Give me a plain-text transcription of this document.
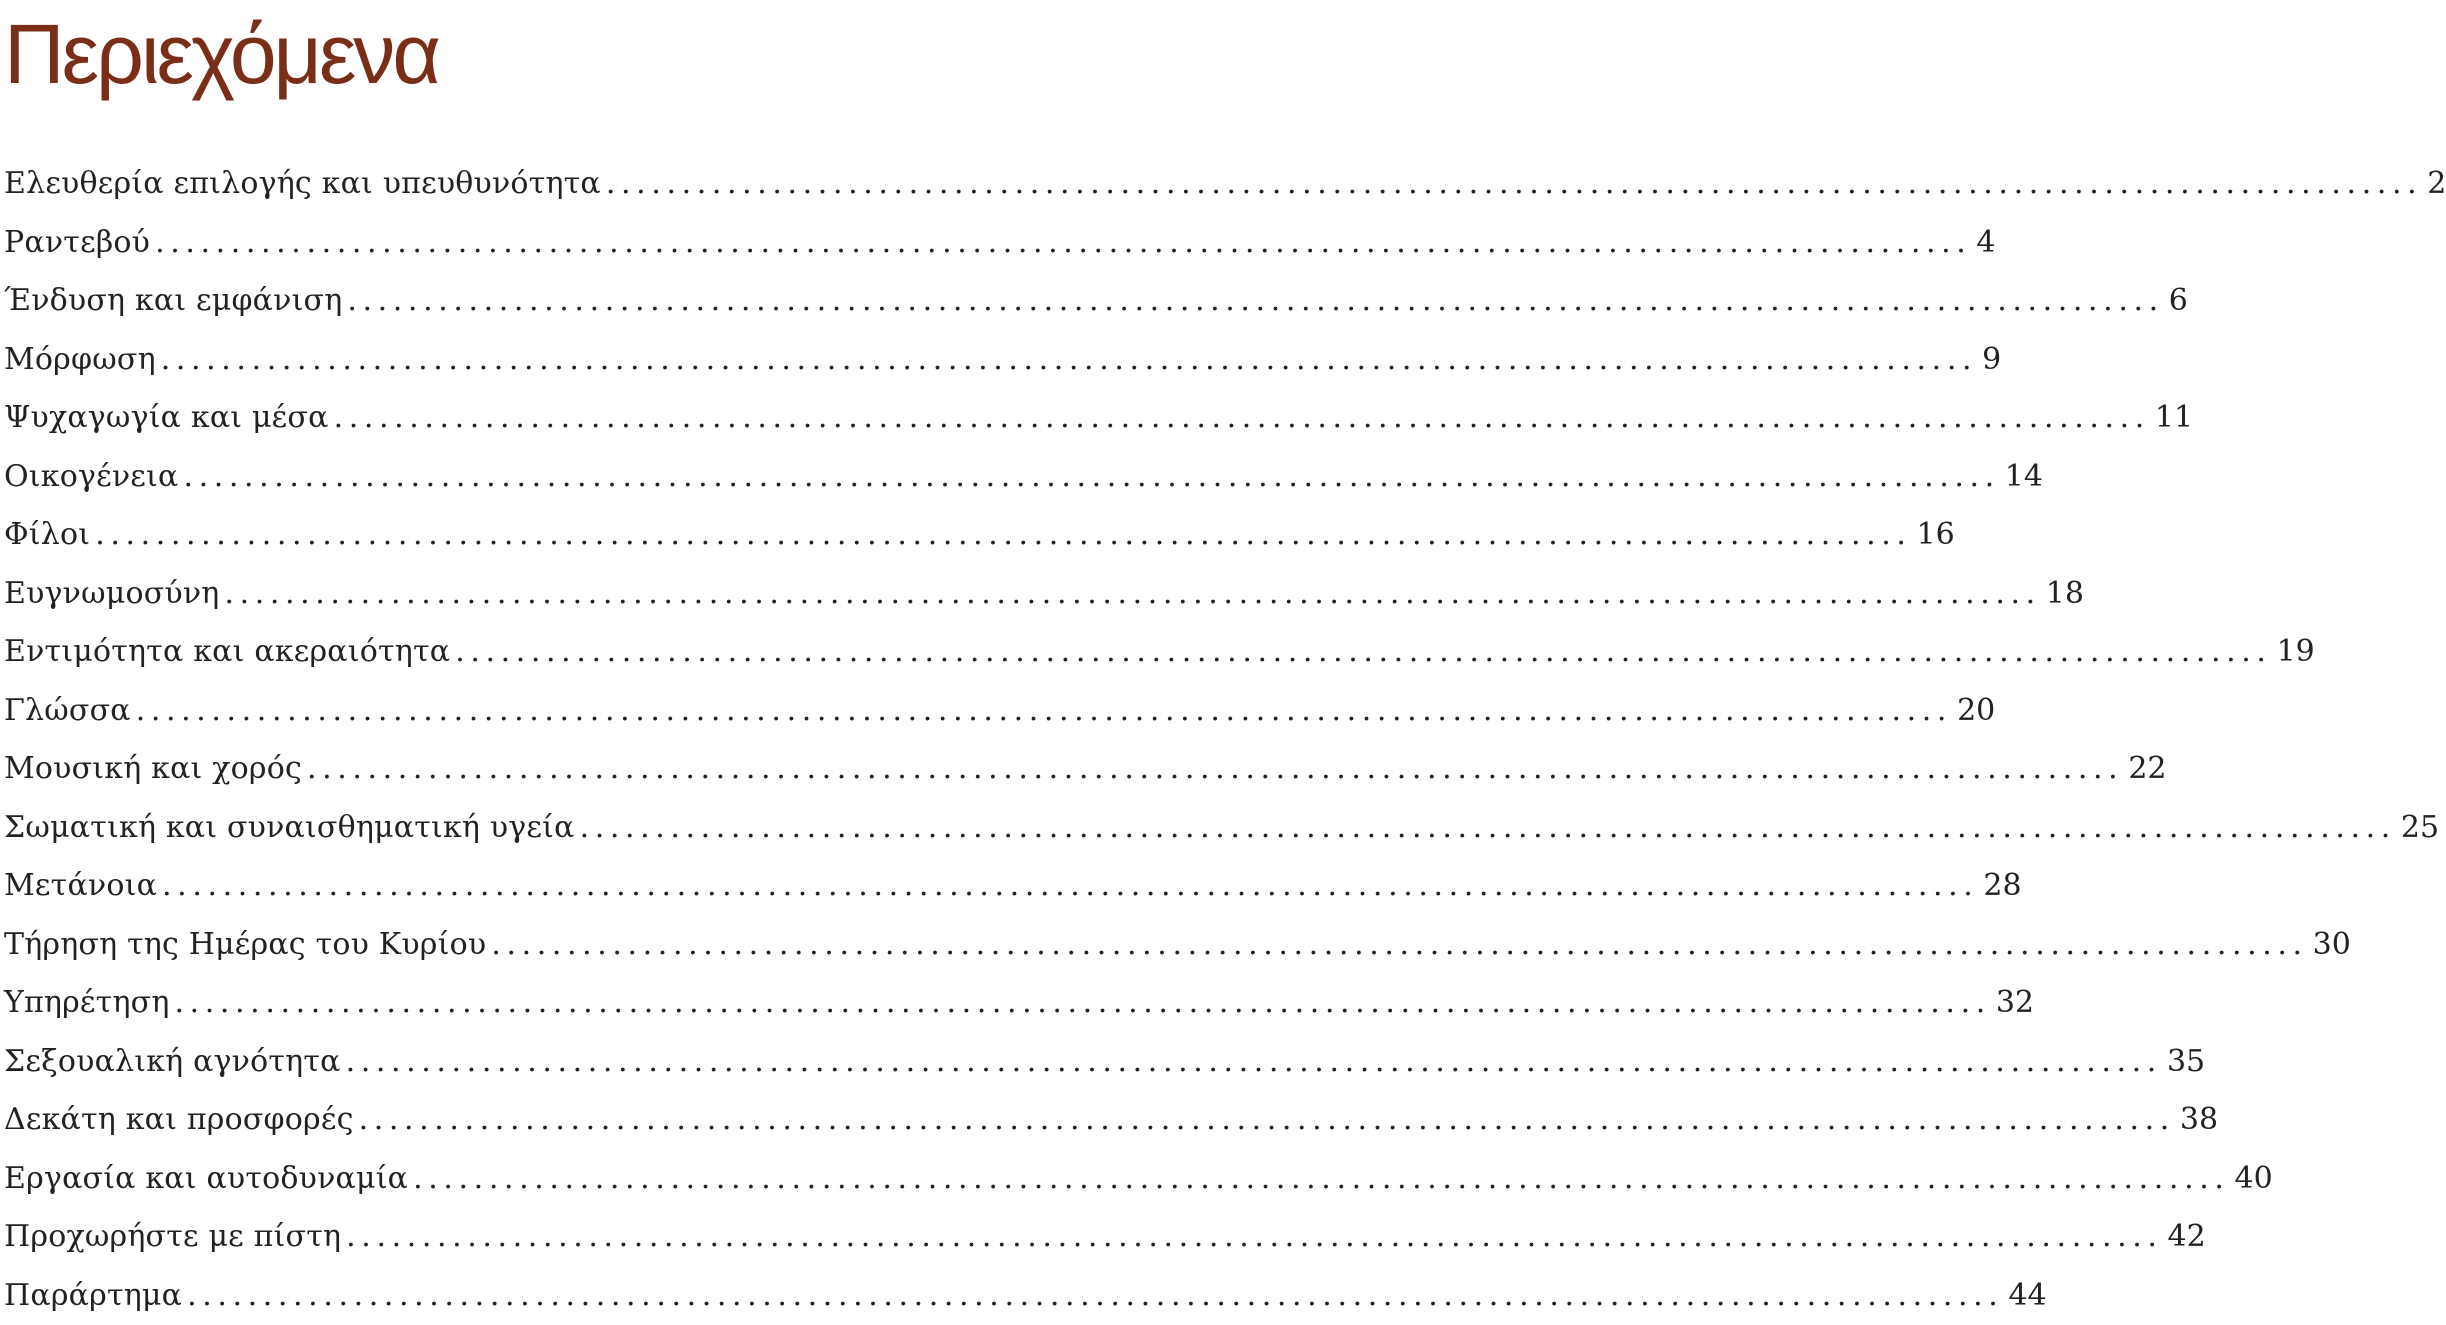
Περιεχόμενα
Ελευθερία επιλογής και υπευθυνότητα ........................................................................................................................ 2
Ραντεβού ........................................................................................................................ 4
Ένδυση και εμφάνιση ........................................................................................................................ 6
Μόρφωση ........................................................................................................................ 9
Ψυχαγωγία και μέσα ........................................................................................................................ 11
Οικογένεια ........................................................................................................................ 14
Φίλοι ........................................................................................................................ 16
Ευγνωμοσύνη ........................................................................................................................ 18
Εντιμότητα και ακεραιότητα ........................................................................................................................ 19
Γλώσσα ........................................................................................................................ 20
Μουσική και χορός ........................................................................................................................ 22
Σωματική και συναισθηματική υγεία ........................................................................................................................ 25
Μετάνοια ........................................................................................................................ 28
Τήρηση της Ημέρας του Κυρίου ........................................................................................................................ 30
Υπηρέτηση ........................................................................................................................ 32
Σεξουαλική αγνότητα ........................................................................................................................ 35
Δεκάτη και προσφορές ........................................................................................................................ 38
Εργασία και αυτοδυναμία ........................................................................................................................ 40
Προχωρήστε με πίστη ........................................................................................................................ 42
Παράρτημα ........................................................................................................................ 44
